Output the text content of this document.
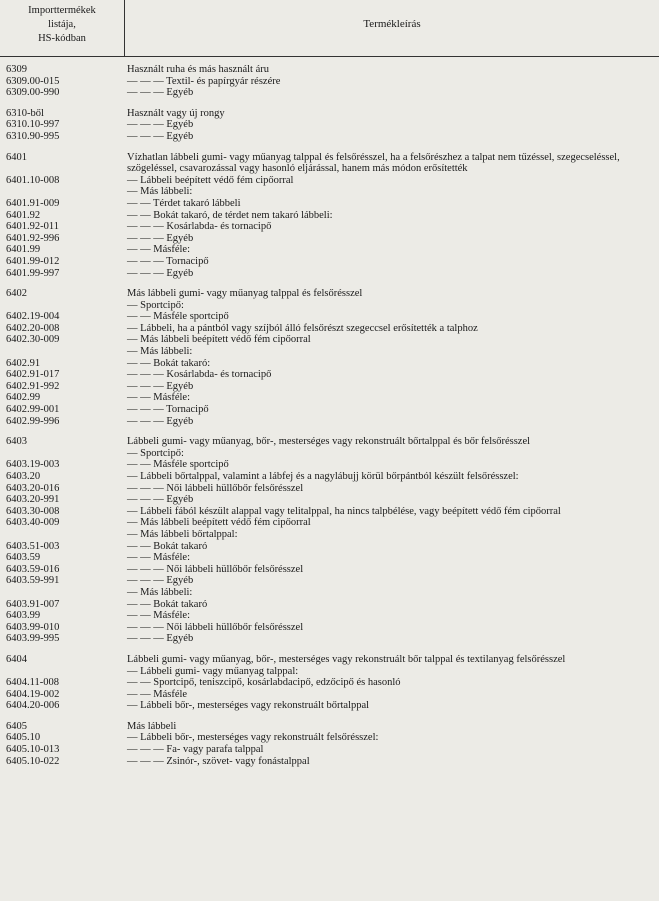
Importtermékek
listája,
HS-kódban
Termékleírás
6309	Használt ruha és más használt áru
6309.00-015	— — — Textil- és papírgyár részére
6309.00-990	— — — Egyéb
6310-ből	Használt vagy új rongy
6310.10-997	— — — Egyéb
6310.90-995	— — — Egyéb
6401	Vízhatlan lábbeli gumi- vagy műanyag talppal és felsőrésszel, ha a felsőrészhez a talpat nem tűzéssel, szegecseléssel, szögeléssel, csavarozással vagy hasonló eljárással, hanem más módon erősítették
6401.10-008	— Lábbeli beépített védő fém cipőorral
— Más lábbeli:
6401.91-009	— — Térdet takaró lábbeli
6401.92	— — Bokát takaró, de térdet nem takaró lábbeli:
6401.92-011	— — — Kosárlabda- és tornacipő
6401.92-996	— — — Egyéb
6401.99	— — Másféle:
6401.99-012	— — — Tornacipő
6401.99-997	— — — Egyéb
6402	Más lábbeli gumi- vagy műanyag talppal és felsőrésszel
— Sportcipő:
6402.19-004	— — Másféle sportcipő
6402.20-008	— Lábbeli, ha a pántból vagy szíjból álló felsőrészt szegeccsel erősítették a talphoz
6402.30-009	— Más lábbeli beépített védő fém cipőorral
— Más lábbeli:
6402.91	— — Bokát takaró:
6402.91-017	— — — Kosárlabda- és tornacipő
6402.91-992	— — — Egyéb
6402.99	— — Másféle:
6402.99-001	— — — Tornacipő
6402.99-996	— — — Egyéb
6403	Lábbeli gumi- vagy műanyag, bőr-, mesterséges vagy rekonstruált bőrtalppal és bőr felsőrésszel
— Sportcipő:
6403.19-003	— — Másféle sportcipő
6403.20	— Lábbeli bőrtalppal, valamint a lábfej és a nagylábujj körül bőrpántból készült felsőrésszel:
6403.20-016	— — — Női lábbeli hüllőbőr felsőrésszel
6403.20-991	— — — Egyéb
6403.30-008	— Lábbeli fából készült alappal vagy telitalppal, ha nincs talpbélése, vagy beépített védő fém cipőorral
6403.40-009	— Más lábbeli beépített védő fém cipőorral
— Más lábbeli bőrtalppal:
6403.51-003	— — Bokát takaró
6403.59	— — Másféle:
6403.59-016	— — — Női lábbeli hüllőbőr felsőrésszel
6403.59-991	— — — Egyéb
— Más lábbeli:
6403.91-007	— — Bokát takaró
6403.99	— — Másféle:
6403.99-010	— — — Női lábbeli hüllőbőr felsőrésszel
6403.99-995	— — — Egyéb
6404	Lábbeli gumi- vagy műanyag, bőr-, mesterséges vagy rekonstruált bőr talppal és textilanyag felsőrésszel
— Lábbeli gumi- vagy műanyag talppal:
6404.11-008	— — Sportcipő, teniszcipő, kosárlabdacipő, edzőcipő és hasonló
6404.19-002	— — Másféle
6404.20-006	— Lábbeli bőr-, mesterséges vagy rekonstruált bőrtalppal
6405	Más lábbeli
6405.10	— Lábbeli bőr-, mesterséges vagy rekonstruált felsőrésszel:
6405.10-013	— — — Fa- vagy parafa talppal
6405.10-022	— — — Zsinór-, szövet- vagy fonástalppal
